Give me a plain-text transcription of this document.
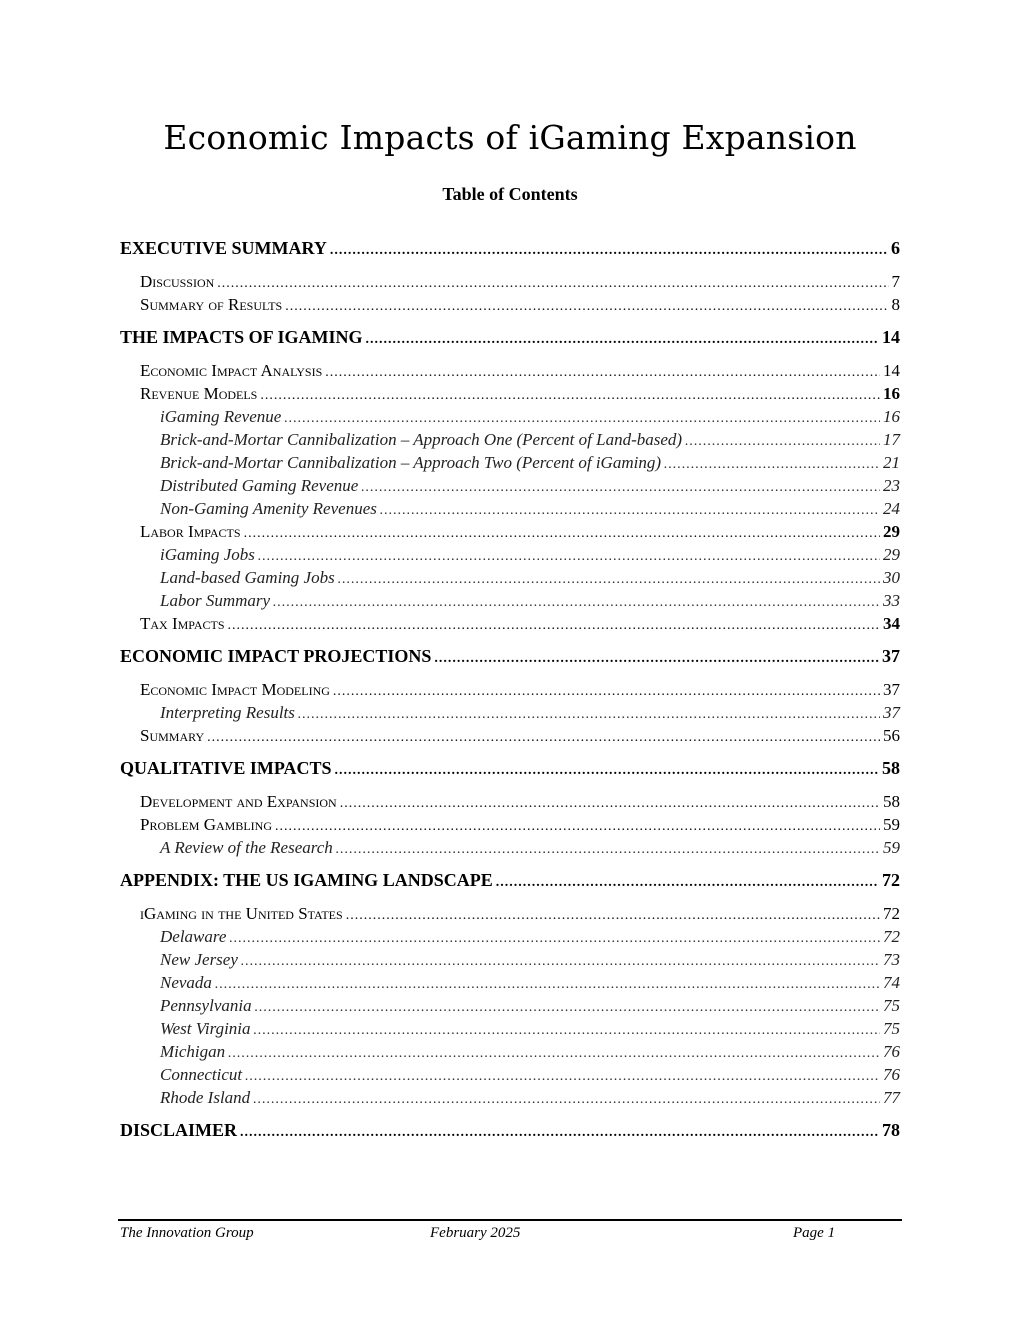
Economic Impacts of iGaming Expansion
Table of Contents
EXECUTIVE SUMMARY .....	6
Discussion .....	7
Summary of Results .....	8
THE IMPACTS OF IGAMING .....	14
Economic Impact Analysis .....	14
Revenue Models .....	16
iGaming Revenue .....	16
Brick-and-Mortar Cannibalization – Approach One (Percent of Land-based) .....	17
Brick-and-Mortar Cannibalization – Approach Two (Percent of iGaming) .....	21
Distributed Gaming Revenue .....	23
Non-Gaming Amenity Revenues .....	24
Labor Impacts .....	29
iGaming Jobs .....	29
Land-based Gaming Jobs .....	30
Labor Summary .....	33
Tax Impacts .....	34
ECONOMIC IMPACT PROJECTIONS .....	37
Economic Impact Modeling .....	37
Interpreting Results .....	37
Summary .....	56
QUALITATIVE IMPACTS .....	58
Development and Expansion .....	58
Problem Gambling .....	59
A Review of the Research .....	59
APPENDIX: THE US IGAMING LANDSCAPE .....	72
iGaming in the United States .....	72
Delaware .....	72
New Jersey .....	73
Nevada .....	74
Pennsylvania .....	75
West Virginia .....	75
Michigan .....	76
Connecticut .....	76
Rhode Island .....	77
DISCLAIMER .....	78
The Innovation Group	February 2025	Page 1
